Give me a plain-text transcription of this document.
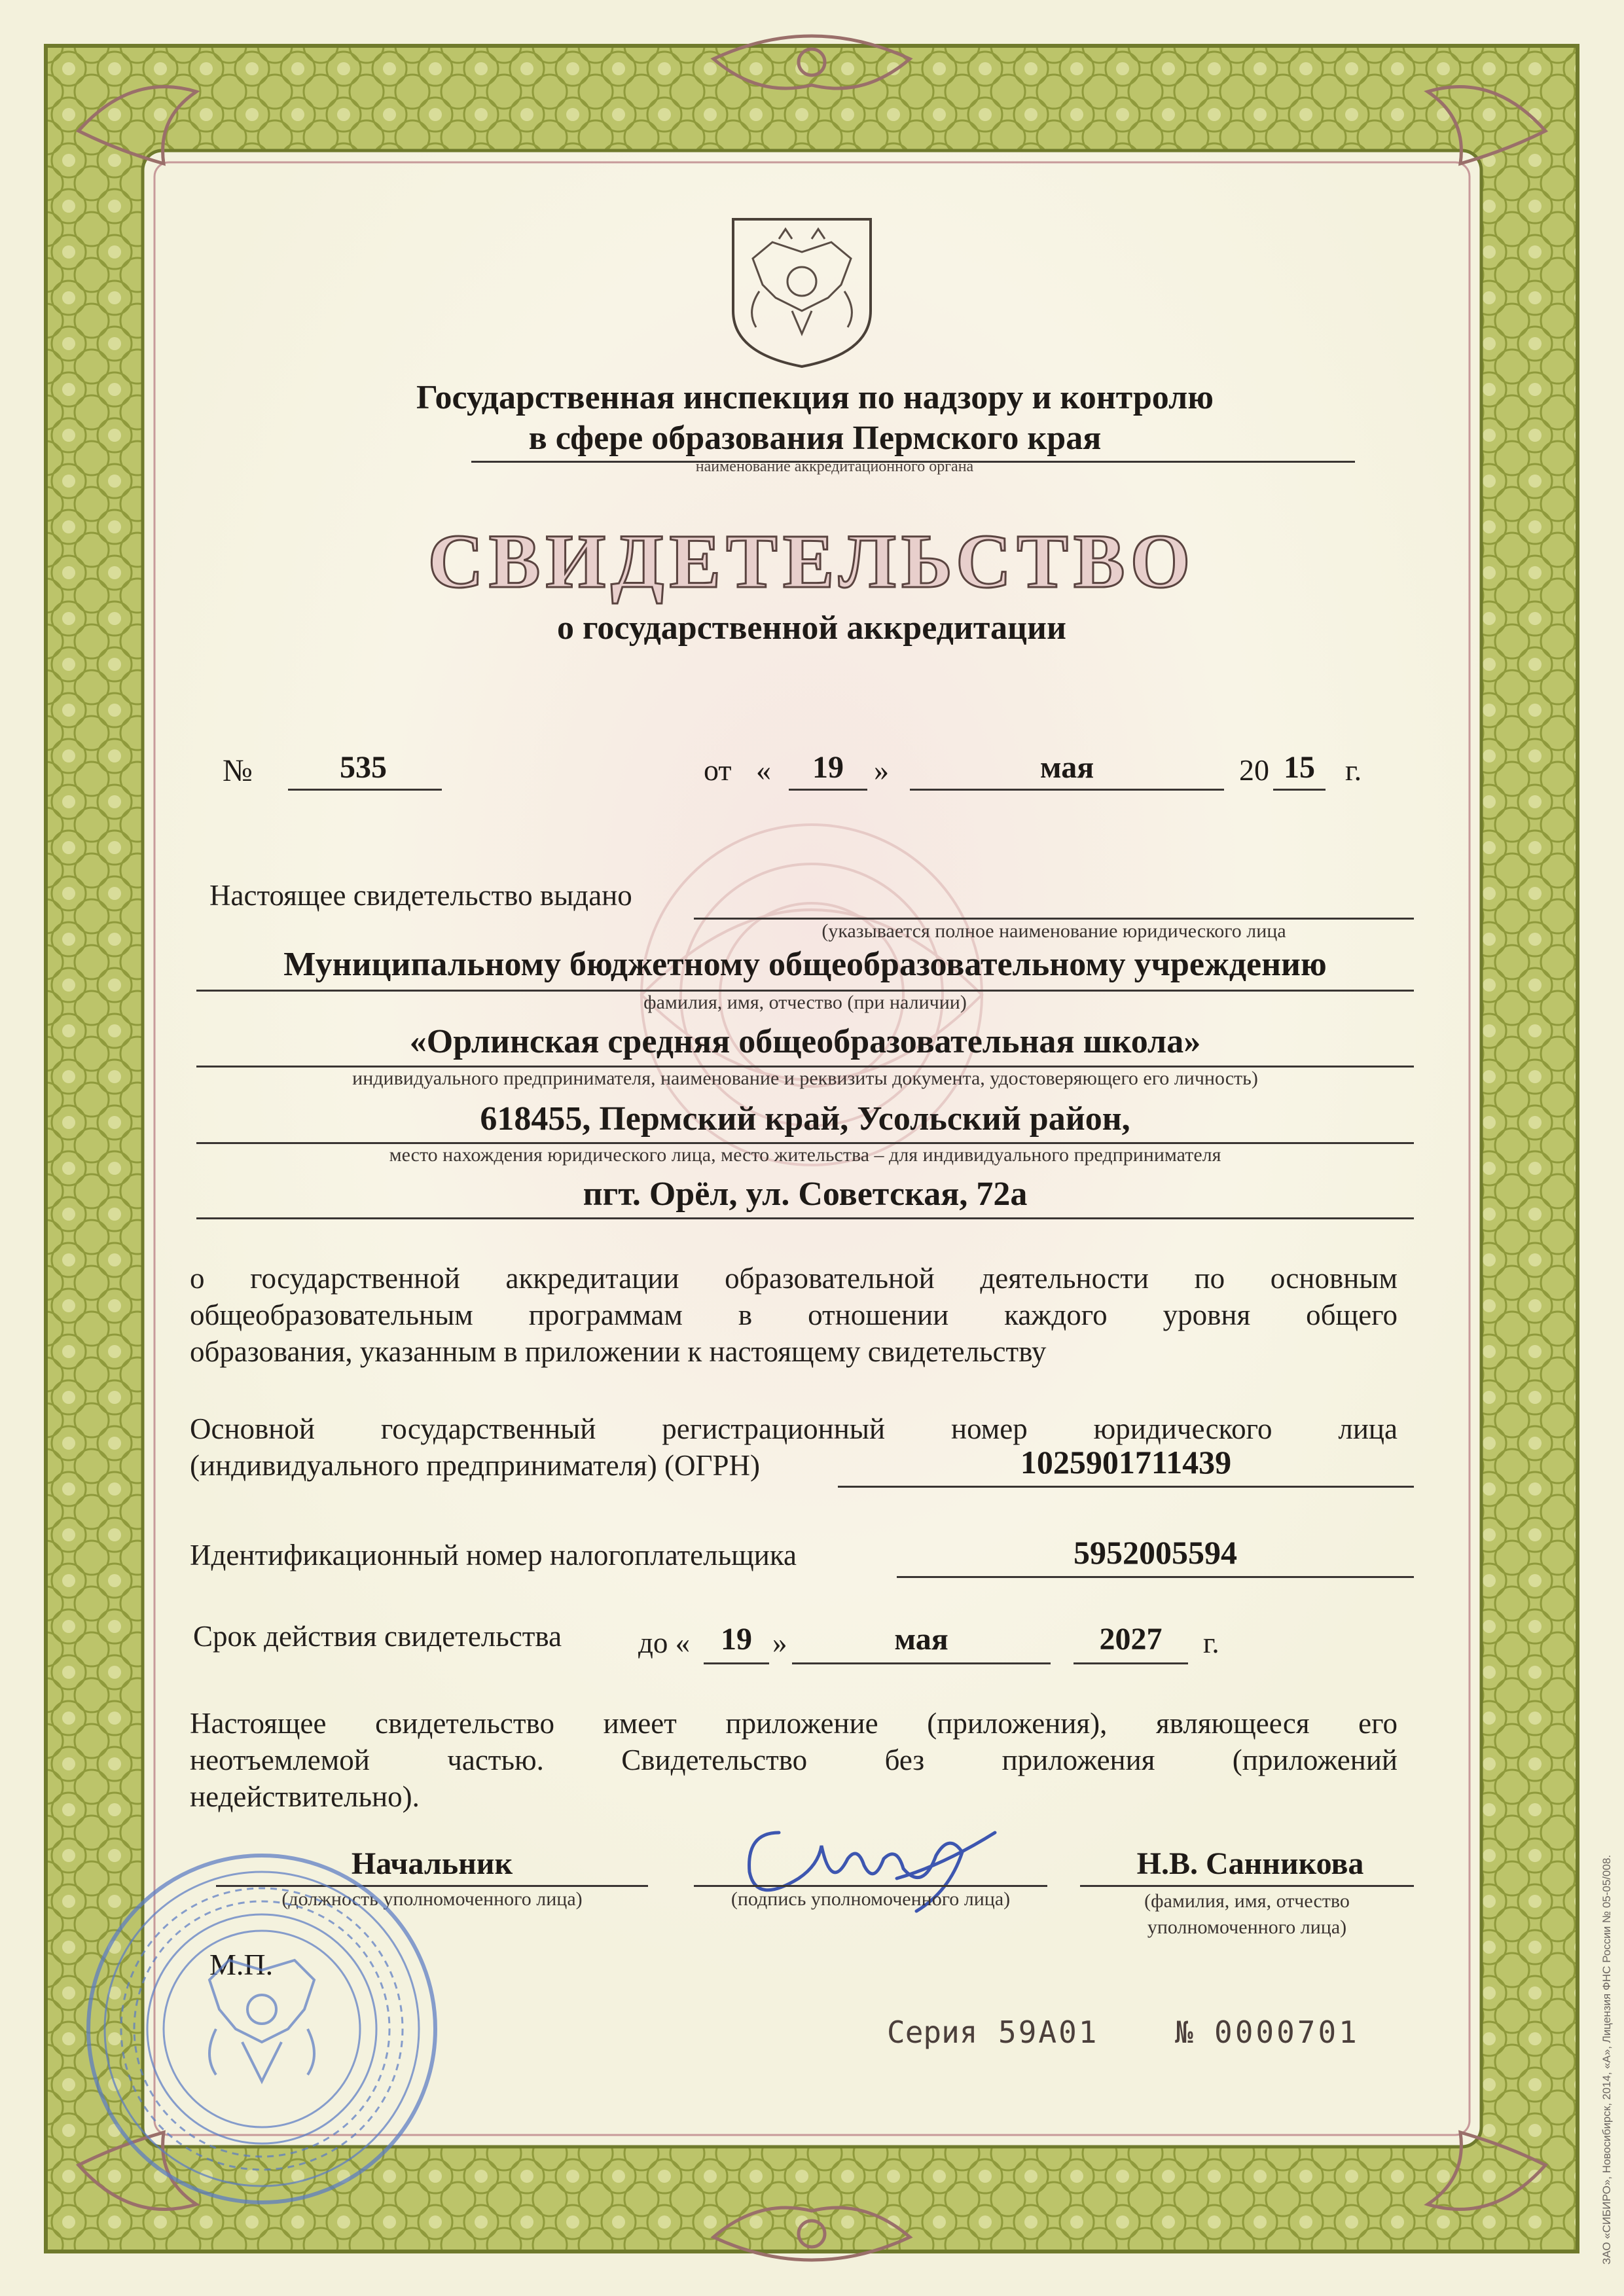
Государственная инспекция по надзору и контролю
в сфере образования Пермского края
наименование аккредитационного органа
СВИДЕТЕЛЬСТВО
о государственной аккредитации
№	535	от «	19	»	мая	20 15	г.
Настоящее свидетельство выдано
(указывается полное наименование юридического лица
Муниципальному бюджетному общеобразовательному учреждению
фамилия, имя, отчество (при наличии)
«Орлинская средняя общеобразовательная школа»
индивидуального предпринимателя, наименование и реквизиты документа, удостоверяющего его личность)
618455, Пермский край, Усольский район,
место нахождения юридического лица, место жительства – для индивидуального предпринимателя
пгт. Орёл, ул. Советская, 72а
о государственной аккредитации образовательной деятельности по основным
общеобразовательным программам в отношении каждого уровня общего
образования, указанным в приложении к настоящему свидетельству
Основной государственный регистрационный номер юридического лица
(индивидуального предпринимателя) (ОГРН)	1025901711439
Идентификационный номер налогоплательщика	5952005594
Срок действия свидетельства	до « 19 »	мая	2027	г.
Настоящее свидетельство имеет приложение (приложения), являющееся его
неотъемлемой частью. Свидетельство без приложения (приложений
недействительно).
Начальник
(должность уполномоченного лица)	(подпись уполномоченного лица)
Н.В. Санникова
(фамилия, имя, отчество
уполномоченного лица)
М.П.
Серия 59А01	№ 0000701	ЗАО «СИБИРО», Новосибирск, 2014, «А», Лицензия ФНС России № 05-05/008.
